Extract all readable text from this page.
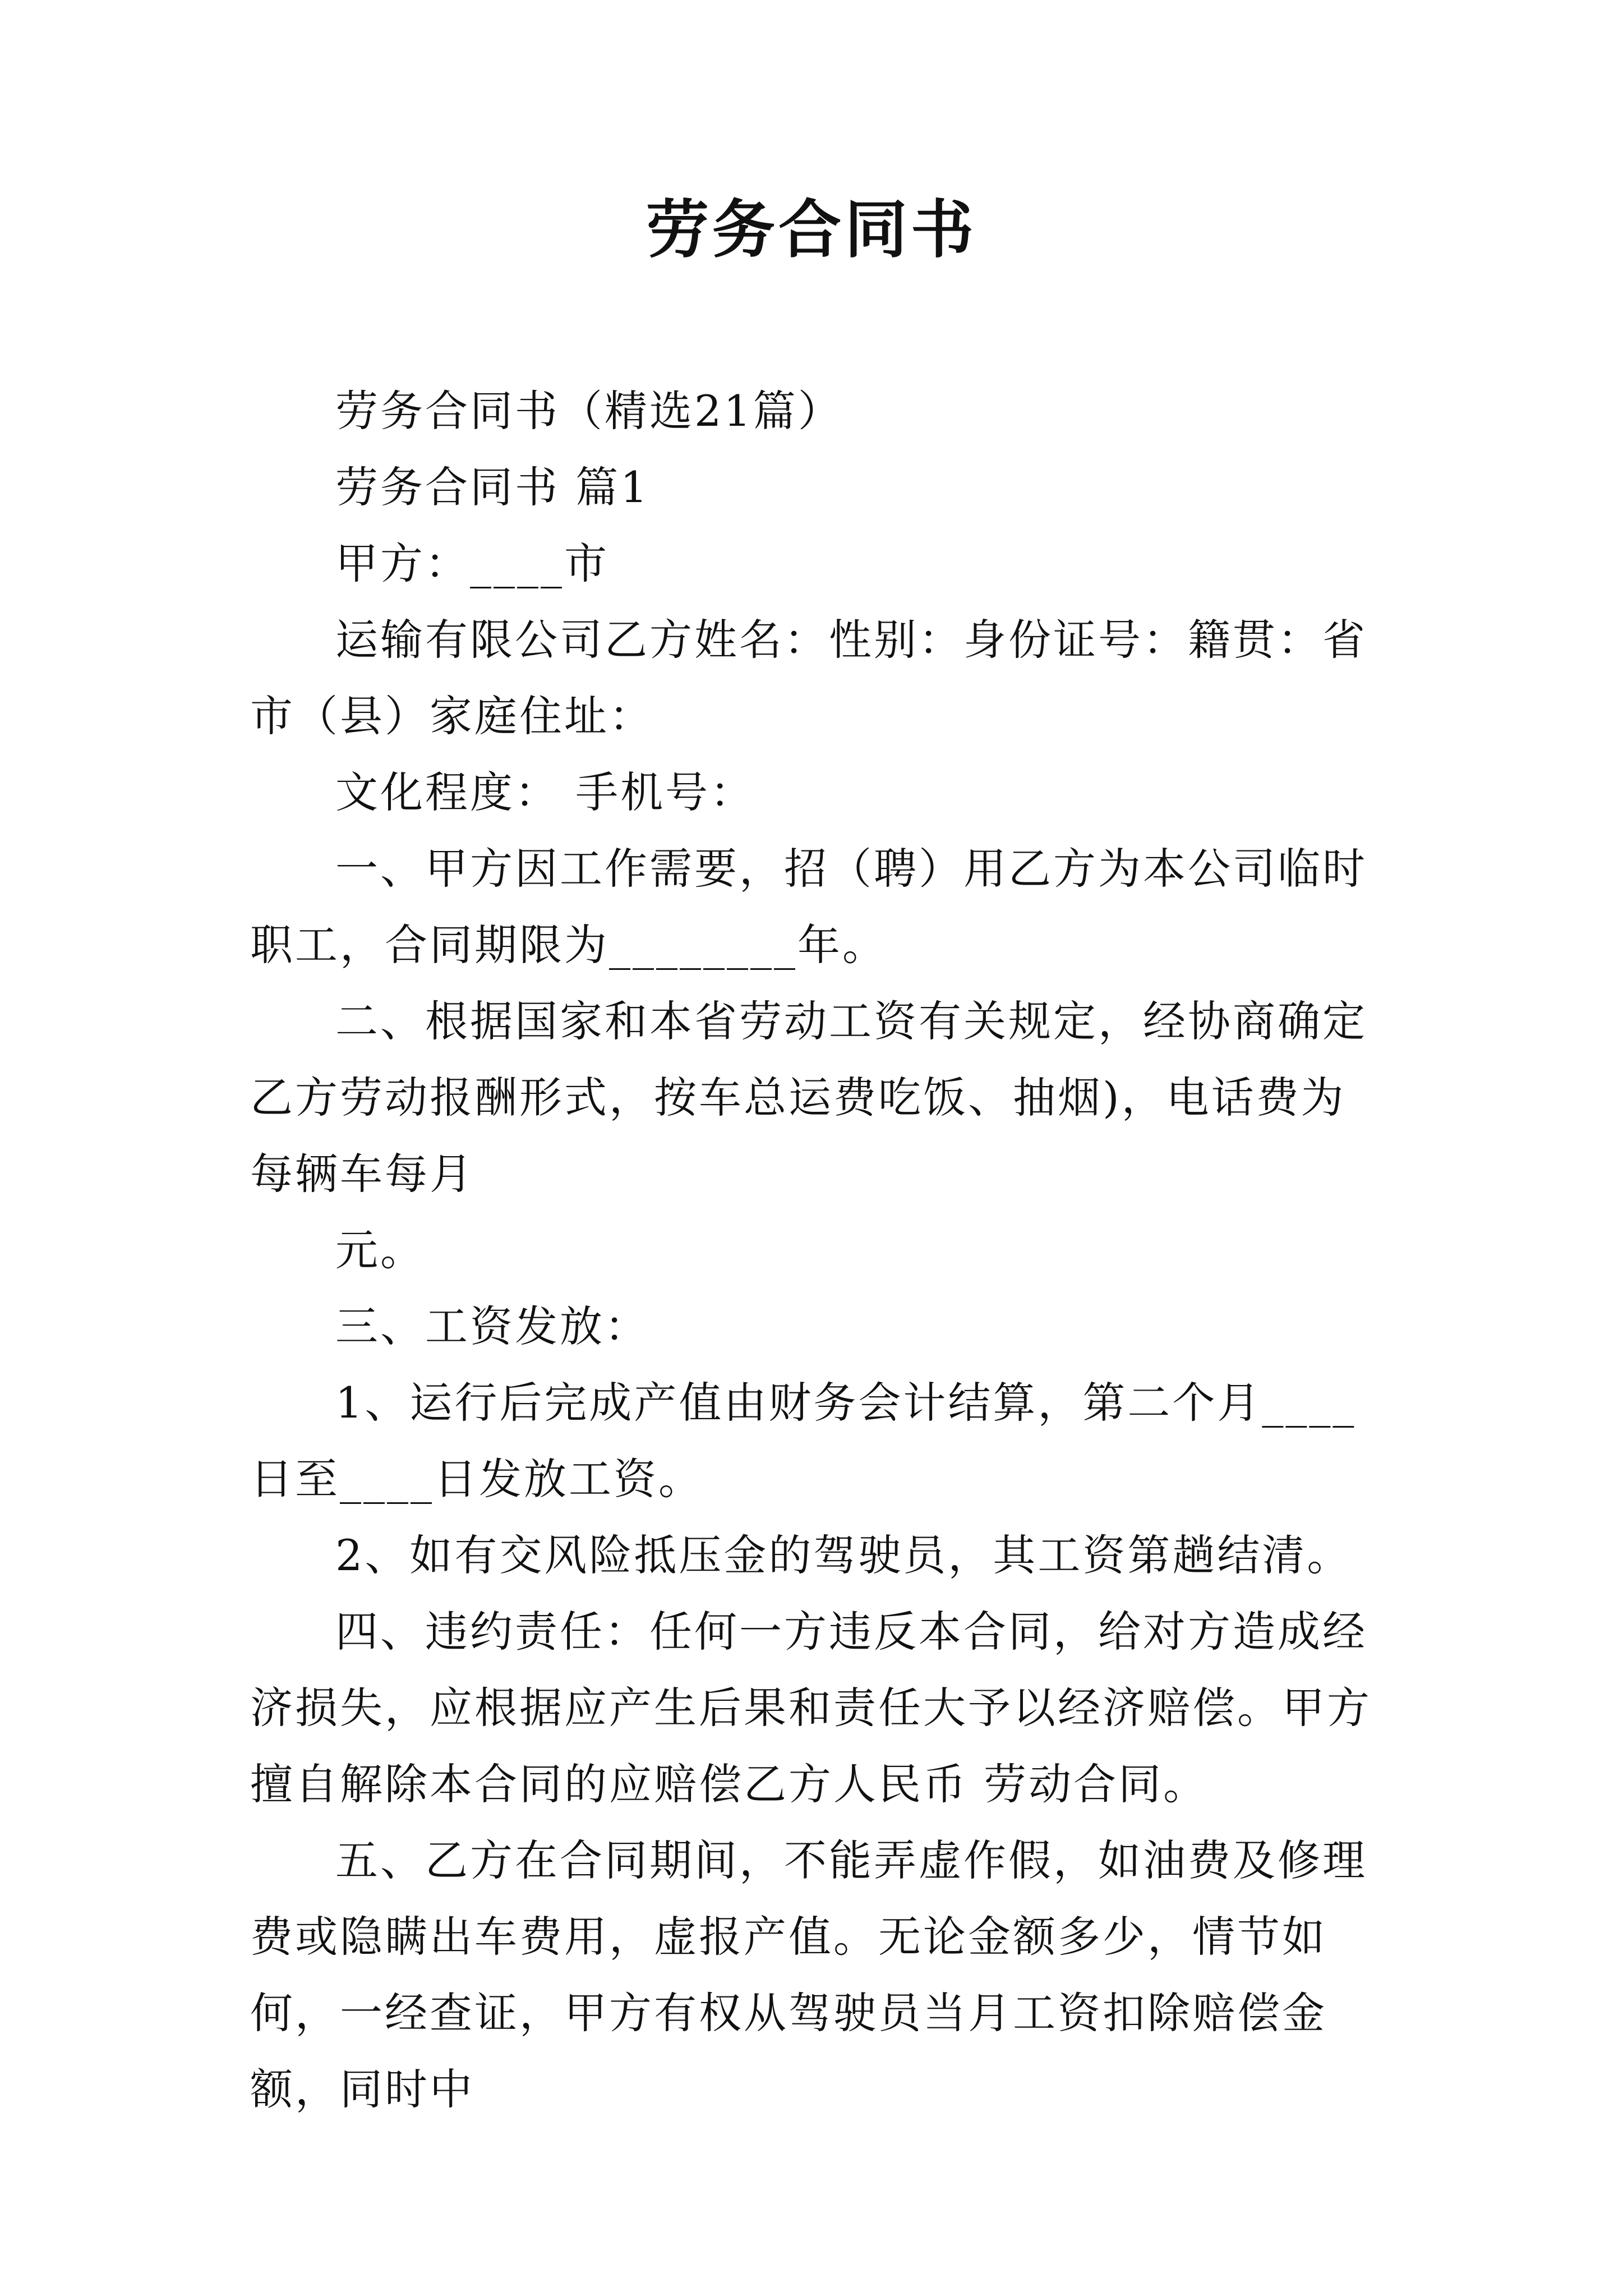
劳务合同书

劳务合同书（精选21篇）

劳务合同书 篇1

甲方：____市

运输有限公司乙方姓名：性别：身份证号：籍贯：省市（县）家庭住址：

文化程度： 手机号：

一、甲方因工作需要，招（聘）用乙方为本公司临时职工，合同期限为________年。

二、根据国家和本省劳动工资有关规定，经协商确定乙方劳动报酬形式，按车总运费吃饭、抽烟)，电话费为每辆车每月

元。

三、工资发放：

1、运行后完成产值由财务会计结算，第二个月____日至____日发放工资。

2、如有交风险抵压金的驾驶员，其工资第趟结清。

四、违约责任：任何一方违反本合同，给对方造成经济损失，应根据应产生后果和责任大予以经济赔偿。甲方擅自解除本合同的应赔偿乙方人民币 劳动合同。

五、乙方在合同期间，不能弄虚作假，如油费及修理费或隐瞒出车费用，虚报产值。无论金额多少，情节如何，一经查证，甲方有权从驾驶员当月工资扣除赔偿金额，同时中
